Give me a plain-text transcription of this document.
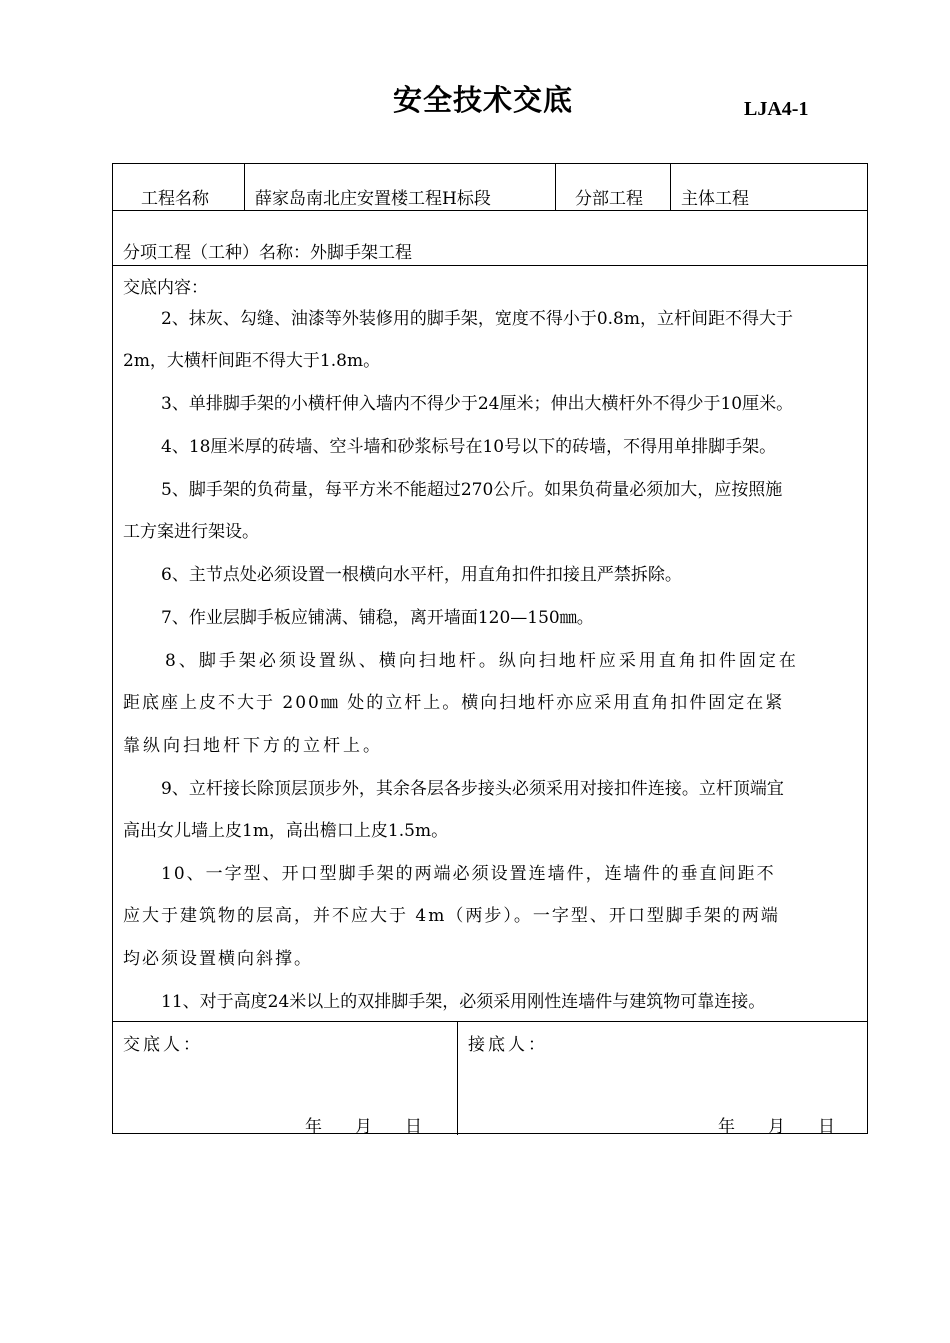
安全技术交底	LJA4-1
工程名称	薛家岛南北庄安置楼工程H标段	分部工程 主体工程
分项工程（工种）名称：外脚手架工程
交底内容：
2、抹灰、勾缝、油漆等外装修用的脚手架，宽度不得小于0.8m，立杆间距不得大于
2m，大横杆间距不得大于1.8m。
3、单排脚手架的小横杆伸入墙内不得少于24厘米；伸出大横杆外不得少于10厘米。
4、18厘米厚的砖墙、空斗墙和砂浆标号在10号以下的砖墙，不得用单排脚手架。
5、脚手架的负荷量，每平方米不能超过270公斤。如果负荷量必须加大，应按照施
工方案进行架设。
6、主节点处必须设置一根横向水平杆，用直角扣件扣接且严禁拆除。
7、作业层脚手板应铺满、铺稳，离开墙面120—150㎜。
8、脚手架必须设置纵、横向扫地杆。纵向扫地杆应采用直角扣件固定在
距底座上皮不大于 200㎜ 处的立杆上。横向扫地杆亦应采用直角扣件固定在紧
靠纵向扫地杆下方的立杆上。
9、立杆接长除顶层顶步外，其余各层各步接头必须采用对接扣件连接。立杆顶端宜
高出女儿墙上皮1m，高出檐口上皮1.5m。
10、一字型、开口型脚手架的两端必须设置连墙件，连墙件的垂直间距不
应大于建筑物的层高，并不应大于 4m（两步）。一字型、开口型脚手架的两端
均必须设置横向斜撑。
11、对于高度24米以上的双排脚手架，必须采用刚性连墙件与建筑物可靠连接。
交底人：	接底人：
年 月 日	年 月 日
